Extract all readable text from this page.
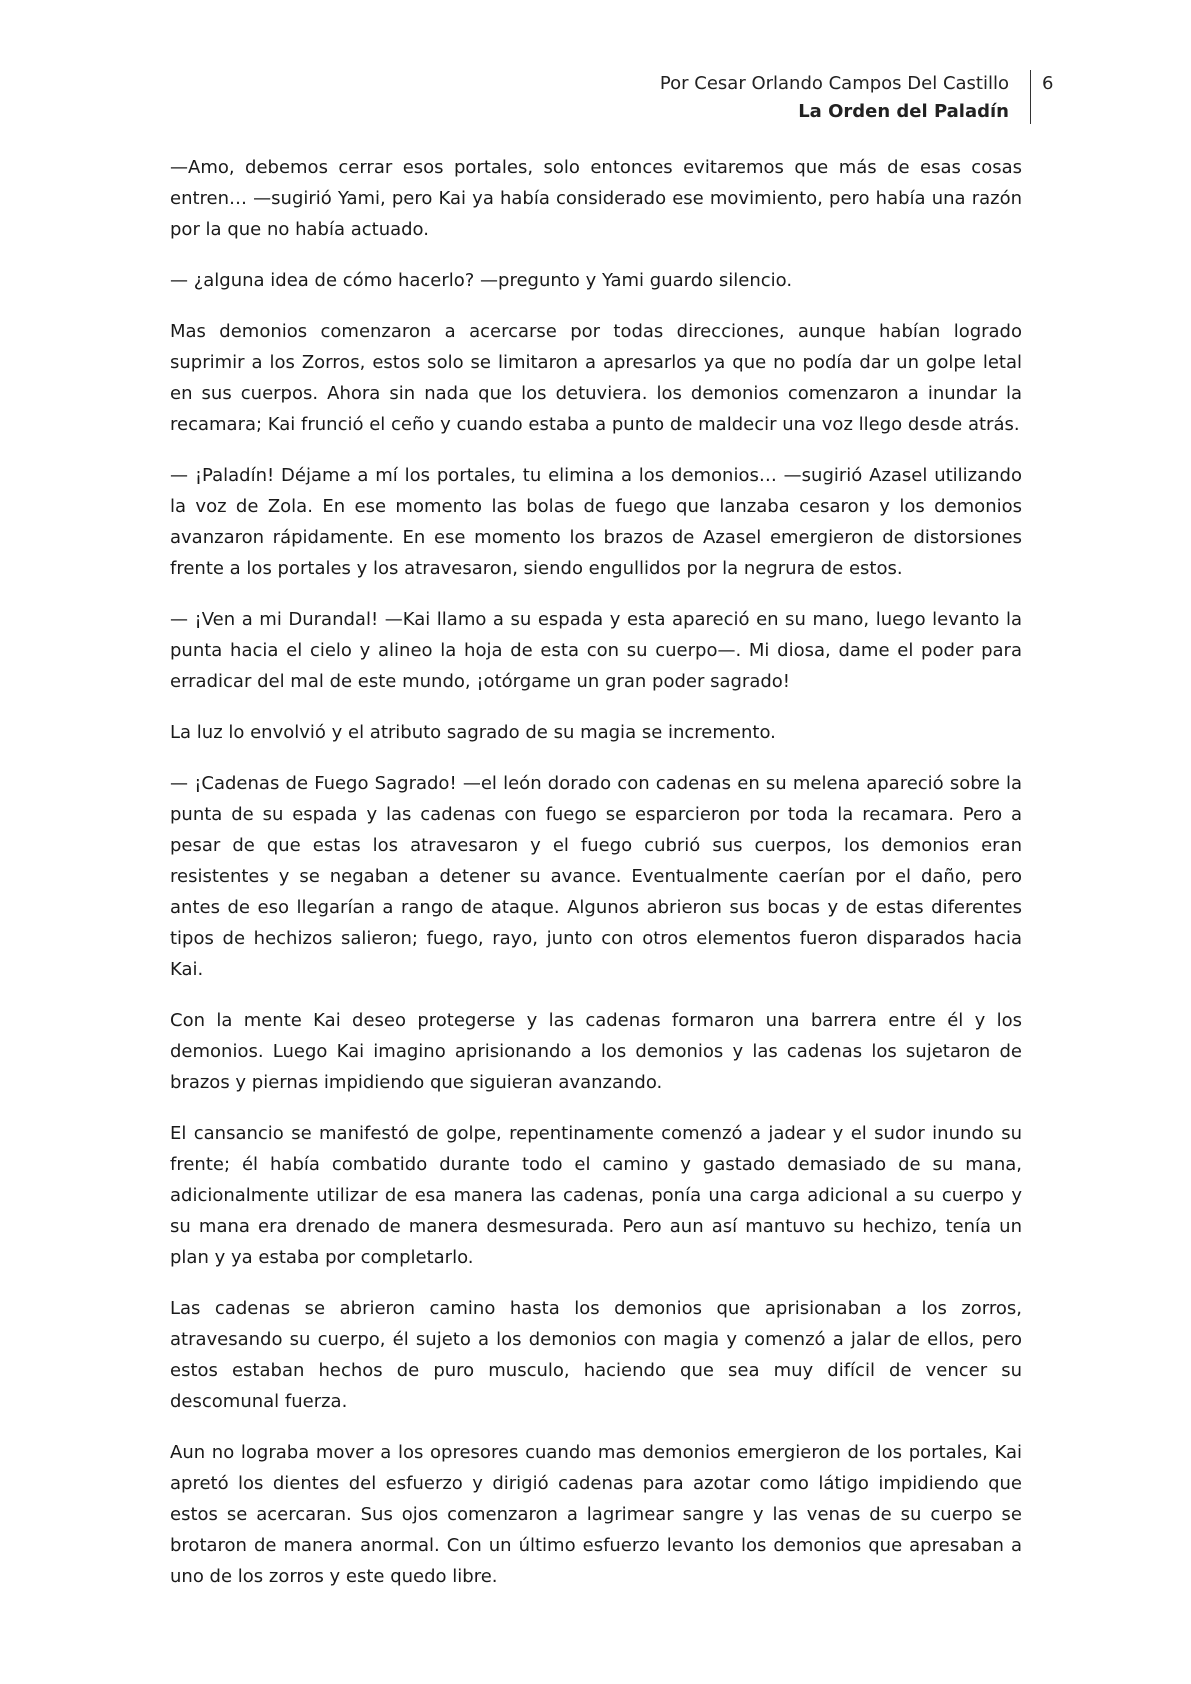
Por Cesar Orlando Campos Del Castillo
La Orden del Paladín
6

—Amo, debemos cerrar esos portales, solo entonces evitaremos que más de esas cosas entren… —sugirió Yami, pero Kai ya había considerado ese movimiento, pero había una razón por la que no había actuado.

— ¿alguna idea de cómo hacerlo? —pregunto y Yami guardo silencio.

Mas demonios comenzaron a acercarse por todas direcciones, aunque habían logrado suprimir a los Zorros, estos solo se limitaron a apresarlos ya que no podía dar un golpe letal en sus cuerpos. Ahora sin nada que los detuviera. los demonios comenzaron a inundar la recamara; Kai frunció el ceño y cuando estaba a punto de maldecir una voz llego desde atrás.

— ¡Paladín! Déjame a mí los portales, tu elimina a los demonios… —sugirió Azasel utilizando la voz de Zola. En ese momento las bolas de fuego que lanzaba cesaron y los demonios avanzaron rápidamente. En ese momento los brazos de Azasel emergieron de distorsiones frente a los portales y los atravesaron, siendo engullidos por la negrura de estos.

— ¡Ven a mi Durandal! —Kai llamo a su espada y esta apareció en su mano, luego levanto la punta hacia el cielo y alineo la hoja de esta con su cuerpo—. Mi diosa, dame el poder para erradicar del mal de este mundo, ¡otórgame un gran poder sagrado!

La luz lo envolvió y el atributo sagrado de su magia se incremento.

— ¡Cadenas de Fuego Sagrado! —el león dorado con cadenas en su melena apareció sobre la punta de su espada y las cadenas con fuego se esparcieron por toda la recamara. Pero a pesar de que estas los atravesaron y el fuego cubrió sus cuerpos, los demonios eran resistentes y se negaban a detener su avance. Eventualmente caerían por el daño, pero antes de eso llegarían a rango de ataque. Algunos abrieron sus bocas y de estas diferentes tipos de hechizos salieron; fuego, rayo, junto con otros elementos fueron disparados hacia Kai.

Con la mente Kai deseo protegerse y las cadenas formaron una barrera entre él y los demonios. Luego Kai imagino aprisionando a los demonios y las cadenas los sujetaron de brazos y piernas impidiendo que siguieran avanzando.

El cansancio se manifestó de golpe, repentinamente comenzó a jadear y el sudor inundo su frente; él había combatido durante todo el camino y gastado demasiado de su mana, adicionalmente utilizar de esa manera las cadenas, ponía una carga adicional a su cuerpo y su mana era drenado de manera desmesurada. Pero aun así mantuvo su hechizo, tenía un plan y ya estaba por completarlo.

Las cadenas se abrieron camino hasta los demonios que aprisionaban a los zorros, atravesando su cuerpo, él sujeto a los demonios con magia y comenzó a jalar de ellos, pero estos estaban hechos de puro musculo, haciendo que sea muy difícil de vencer su descomunal fuerza.

Aun no lograba mover a los opresores cuando mas demonios emergieron de los portales, Kai apretó los dientes del esfuerzo y dirigió cadenas para azotar como látigo impidiendo que estos se acercaran. Sus ojos comenzaron a lagrimear sangre y las venas de su cuerpo se brotaron de manera anormal. Con un último esfuerzo levanto los demonios que apresaban a uno de los zorros y este quedo libre.
